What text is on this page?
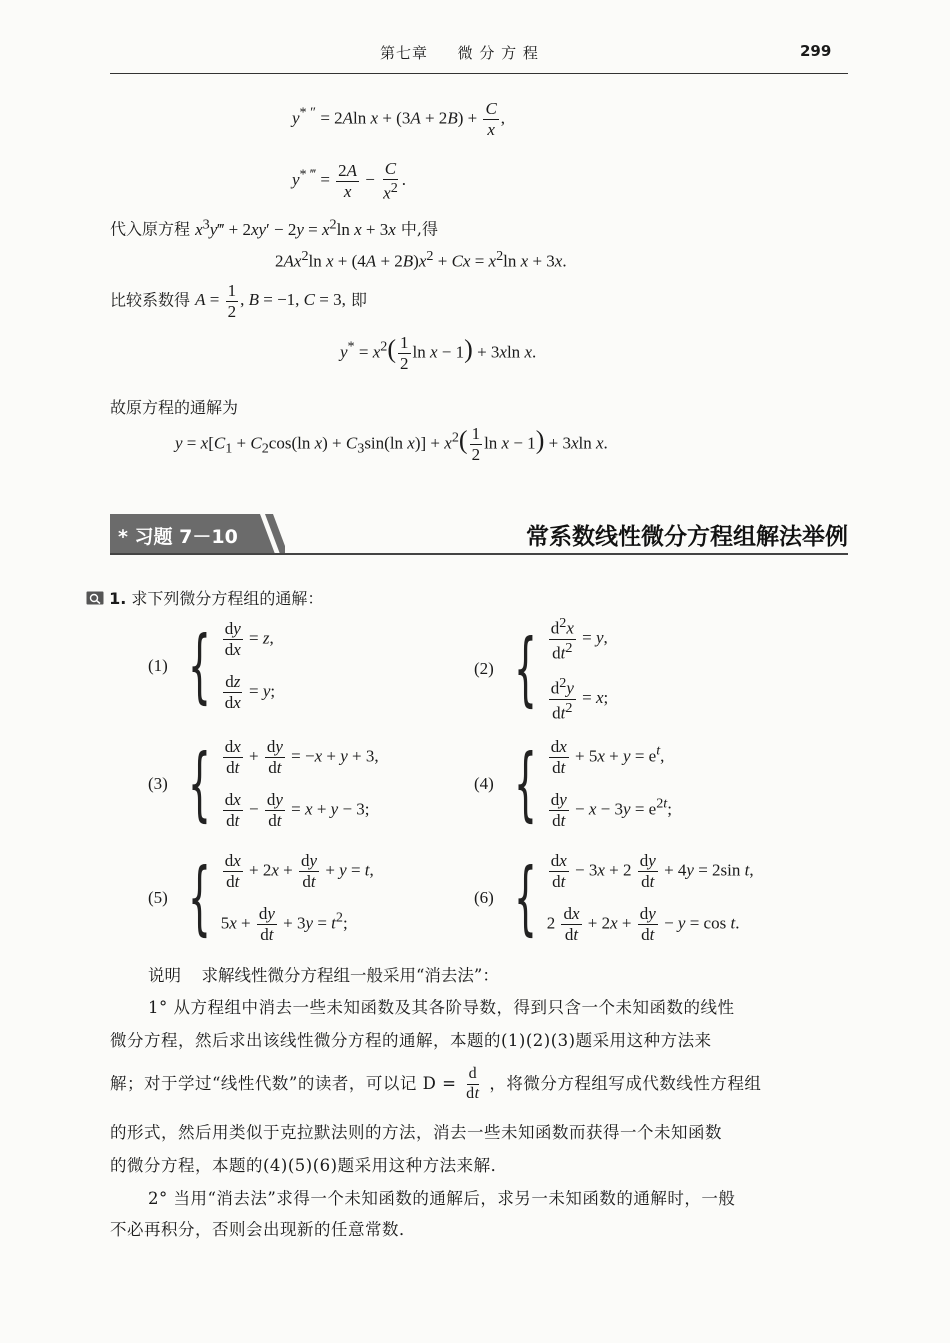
第七章 微 分 方 程	299
y* ″ = 2Aln $x + (3A + 2B) + \frac{C}{x}$ ,
$y^{* ‴} = \frac{2A}{x} - \frac{C}{x^2}$ .
代入原方程 $x^3y‴ + 2xy' - 2y = x^2\ln$ x + 3x 中,得
2Ax$^2$ln $x + (4A + 2B)x^2 + Cx = x^2\ln$ x + 3x.
比较系数得 $A = \frac{1}{2}$ , B = −1, C = 3, 即
$y^* = x^2( \frac{1}{2}$ ln x − 1) + 3xln x.
故原方程的通解为
$y = x[C_1 + C_2\cos(\ln$ $x) + C_3\sin(\ln$ $x)] + x^2( \frac{1}{2}$ ln x − 1) + 3xln x.
* 习题 7－10	常系数线性微分方程组解法举例
1. 求下列微分方程组的通解：
(1) { $\frac{dy}{dx} = z$,
$\frac{dz}{dx} = y$;
(2) { $\frac{d^2x}{dt^2} = y$,
$\frac{d^2y}{dt^2} = x$;
(3) { $\frac{dx}{dt} + \frac{dy}{dt} = -x + y + 3$,
$\frac{dx}{dt} - \frac{dy}{dt} = x + y - 3$;
(4) { $\frac{dx}{dt} + 5x + y = e^t$,
$\frac{dy}{dt} - x - 3y = e^{2t}$;
(5) { $\frac{dx}{dt} + 2x + \frac{dy}{dt} + y = t$,
$5x + \frac{dy}{dt} + 3y = t^2$;
(6) { $\frac{dx}{dt} - 3x + 2 \frac{dy}{dt} + 4y = 2\sin$ t,
$2 \frac{dx}{dt} + 2x + \frac{dy}{dt} - y = \cos t$.
说明 求解线性微分方程组一般采用“消去法”：
1° 从方程组中消去一些未知函数及其各阶导数，得到只含一个未知函数的线性
微分方程，然后求出该线性微分方程的通解，本题的(1)(2)(3)题采用这种方法来
解；对于学过“线性代数”的读者，可以记 $D = \frac{d}{dt}$ ，将微分方程组写成代数线性方程组
的形式，然后用类似于克拉默法则的方法，消去一些未知函数而获得一个未知函数
的微分方程，本题的(4)(5)(6)题采用这种方法来解．
2° 当用“消去法”求得一个未知函数的通解后，求另一未知函数的通解时，一般
不必再积分，否则会出现新的任意常数．
